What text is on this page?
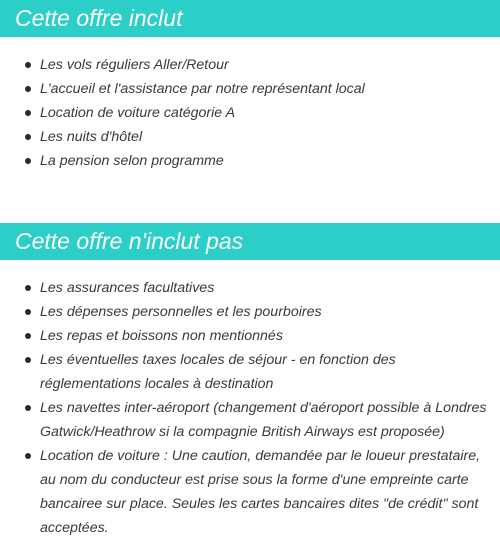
Cette offre inclut
Les vols réguliers Aller/Retour
L'accueil et l'assistance par notre représentant local
Location de voiture catégorie A
Les nuits d'hôtel
La pension selon programme
Cette offre n'inclut pas
Les assurances facultatives
Les dépenses personnelles et les pourboires
Les repas et boissons non mentionnés
Les éventuelles taxes locales de séjour - en fonction des réglementations locales à destination
Les navettes inter-aéroport (changement d'aéroport possible à Londres Gatwick/Heathrow si la compagnie British Airways est proposée)
Location de voiture : Une caution, demandée par le loueur prestataire, au nom du conducteur est prise sous la forme d'une empreinte carte bancairee sur place. Seules les cartes bancaires dites "de crédit" sont acceptées.
